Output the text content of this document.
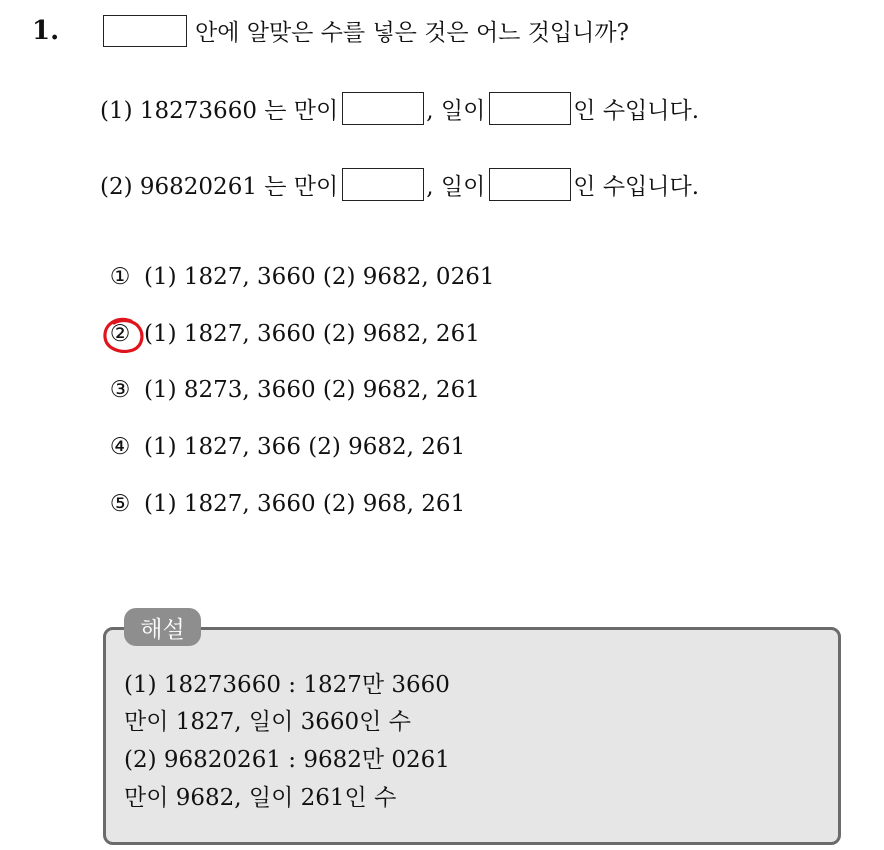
1.	안에 알맞은 수를 넣은 것은 어느 것입니까?
(1) 18273660 는 만이	, 일이	인 수입니다.
(2) 96820261 는 만이	, 일이	인 수입니다.
① (1) 1827, 3660 (2) 9682, 0261
② (1) 1827, 3660 (2) 9682, 261
③ (1) 8273, 3660 (2) 9682, 261
④ (1) 1827, 366 (2) 9682, 261
⑤ (1) 1827, 3660 (2) 968, 261
해설
(1) 18273660 : 1827만 3660
만이 1827, 일이 3660인 수
(2) 96820261 : 9682만 0261
만이 9682, 일이 261인 수
